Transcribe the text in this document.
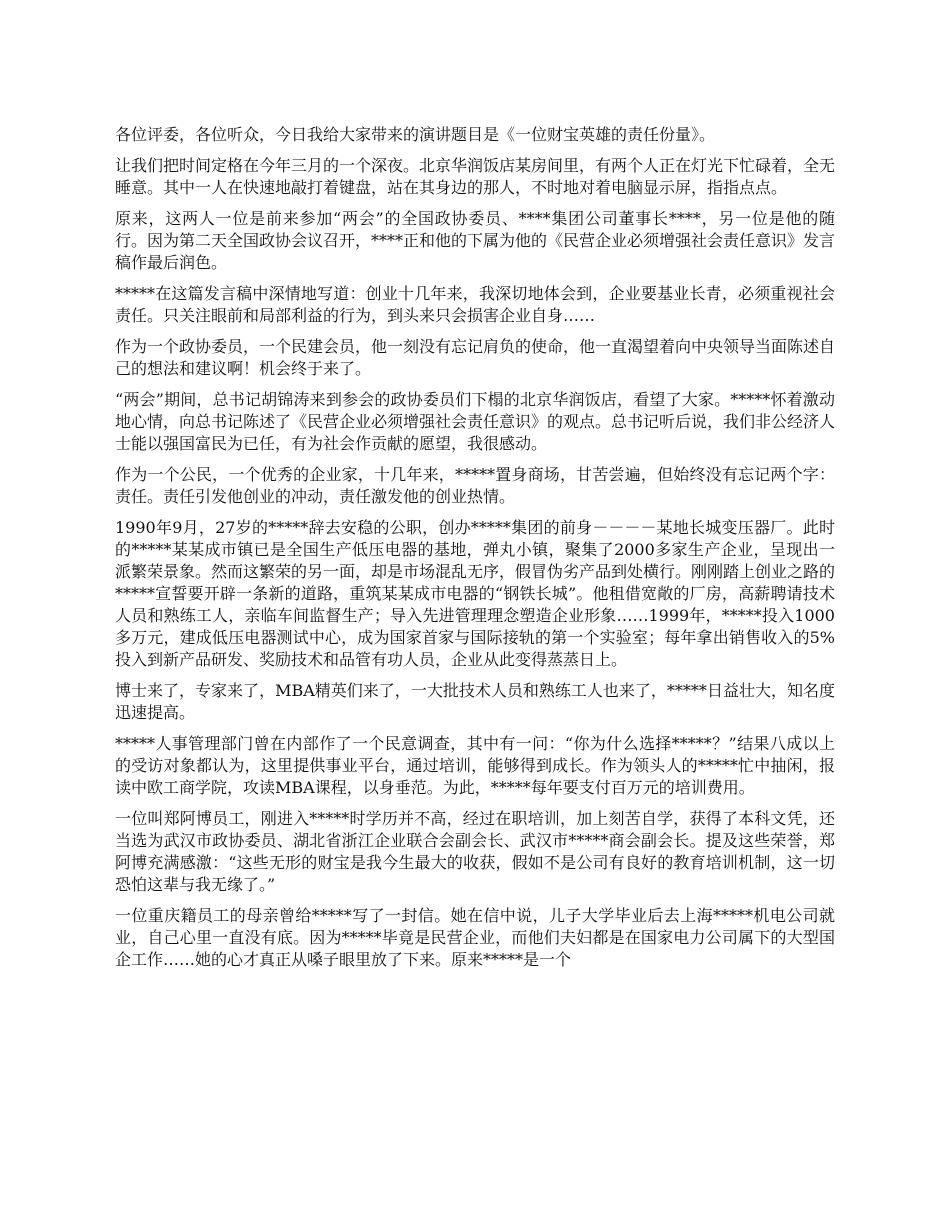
各位评委，各位听众，今日我给大家带来的演讲题目是《一位财宝英雄的责任份量》。

让我们把时间定格在今年三月的一个深夜。北京华润饭店某房间里，有两个人正在灯光下忙碌着，全无睡意。其中一人在快速地敲打着键盘，站在其身边的那人，不时地对着电脑显示屏，指指点点。

原来，这两人一位是前来参加“两会”的全国政协委员、****集团公司董事长****，另一位是他的随行。因为第二天全国政协会议召开，****正和他的下属为他的《民营企业必须增强社会责任意识》发言稿作最后润色。

*****在这篇发言稿中深情地写道：创业十几年来，我深切地体会到，企业要基业长青，必须重视社会责任。只关注眼前和局部利益的行为，到头来只会损害企业自身……

作为一个政协委员，一个民建会员，他一刻没有忘记肩负的使命，他一直渴望着向中央领导当面陈述自己的想法和建议啊！机会终于来了。

“两会”期间，总书记胡锦涛来到参会的政协委员们下榻的北京华润饭店，看望了大家。*****怀着激动地心情，向总书记陈述了《民营企业必须增强社会责任意识》的观点。总书记听后说，我们非公经济人士能以强国富民为已任，有为社会作贡献的愿望，我很感动。

作为一个公民，一个优秀的企业家，十几年来，*****置身商场，甘苦尝遍，但始终没有忘记两个字：责任。责任引发他创业的冲动，责任激发他的创业热情。

1990年9月，27岁的*****辞去安稳的公职，创办*****集团的前身－－－－某地长城变压器厂。此时的*****某某成市镇已是全国生产低压电器的基地，弹丸小镇，聚集了2000多家生产企业，呈现出一派繁荣景象。然而这繁荣的另一面，却是市场混乱无序，假冒伪劣产品到处横行。刚刚踏上创业之路的*****宣誓要开辟一条新的道路，重筑某某成市电器的“钢铁长城”。他租借宽敞的厂房，高薪聘请技术人员和熟练工人，亲临车间监督生产；导入先进管理理念塑造企业形象……1999年，*****投入1000多万元，建成低压电器测试中心，成为国家首家与国际接轨的第一个实验室；每年拿出销售收入的5%投入到新产品研发、奖励技术和品管有功人员，企业从此变得蒸蒸日上。

博士来了，专家来了，MBA精英们来了，一大批技术人员和熟练工人也来了，*****日益壮大，知名度迅速提高。

*****人事管理部门曾在内部作了一个民意调查，其中有一问：“你为什么选择*****？”结果八成以上的受访对象都认为，这里提供事业平台，通过培训，能够得到成长。作为领头人的*****忙中抽闲，报读中欧工商学院，攻读MBA课程，以身垂范。为此，*****每年要支付百万元的培训费用。

一位叫郑阿博员工，刚进入*****时学历并不高，经过在职培训，加上刻苦自学，获得了本科文凭，还当选为武汉市政协委员、湖北省浙江企业联合会副会长、武汉市*****商会副会长。提及这些荣誉，郑阿博充满感激：“这些无形的财宝是我今生最大的收获，假如不是公司有良好的教育培训机制，这一切恐怕这辈与我无缘了。”

一位重庆籍员工的母亲曾给*****写了一封信。她在信中说，儿子大学毕业后去上海*****机电公司就业，自己心里一直没有底。因为*****毕竟是民营企业，而他们夫妇都是在国家电力公司属下的大型国企工作……她的心才真正从嗓子眼里放了下来。原来*****是一个
